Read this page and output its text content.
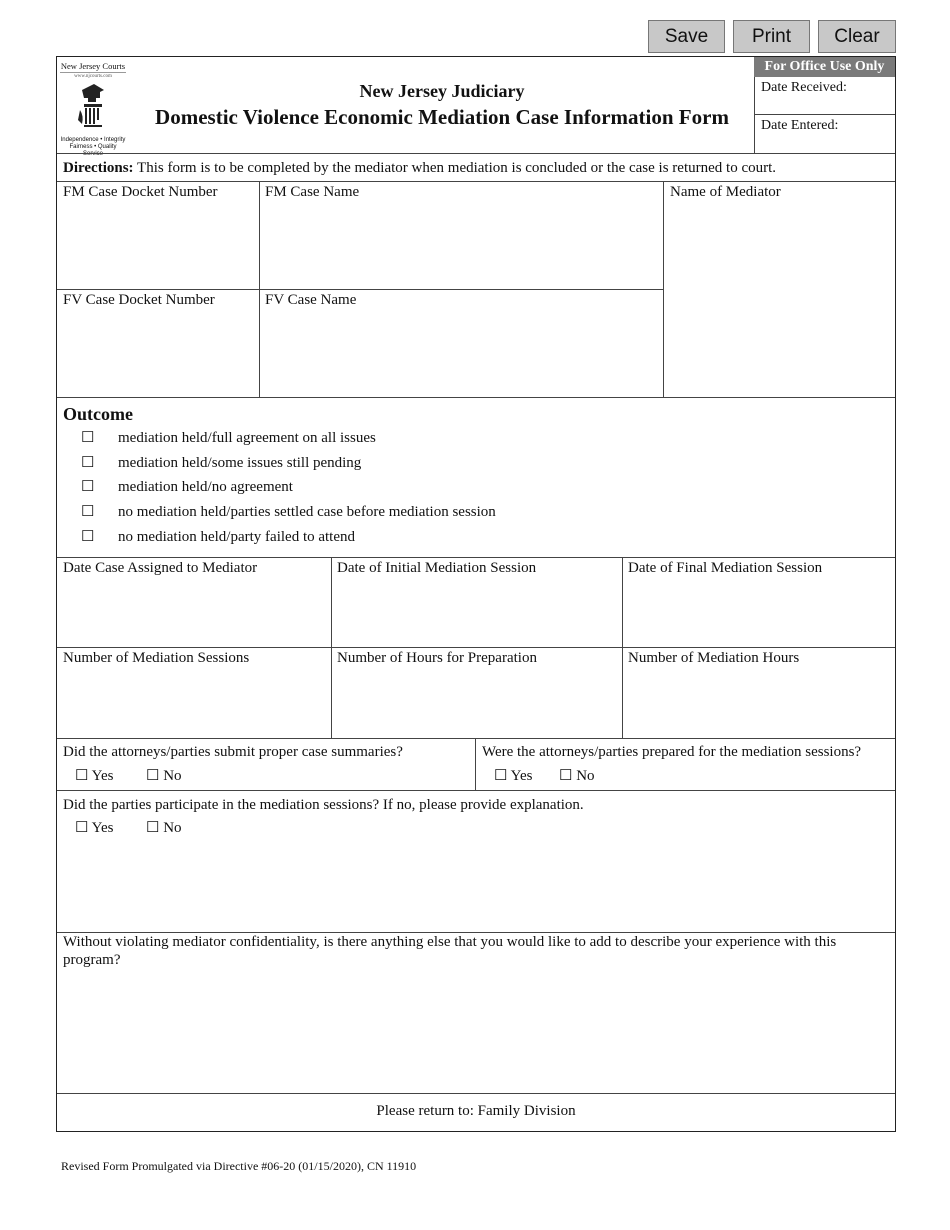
Save	Print	Clear
New Jersey Courts
www.njcourts.com
Independence • Integrity
Fairness • Quality Service
New Jersey Judiciary
Domestic Violence Economic Mediation Case Information Form
For Office Use Only
Date Received:
Date Entered:
Directions: This form is to be completed by the mediator when mediation is concluded or the case is returned to court.
FM Case Docket Number	FM Case Name	Name of Mediator
FV Case Docket Number	FV Case Name
Outcome
☐ mediation held/full agreement on all issues
☐ mediation held/some issues still pending
☐ mediation held/no agreement
☐ no mediation held/parties settled case before mediation session
☐ no mediation held/party failed to attend
Date Case Assigned to Mediator	Date of Initial Mediation Session	Date of Final Mediation Session
Number of Mediation Sessions	Number of Hours for Preparation	Number of Mediation Hours
Did the attorneys/parties submit proper case summaries?
☐ Yes ☐ No
Were the attorneys/parties prepared for the mediation sessions?
☐ Yes ☐ No
Did the parties participate in the mediation sessions? If no, please provide explanation.
☐ Yes ☐ No
Without violating mediator confidentiality, is there anything else that you would like to add to describe your experience with this program?
Please return to: Family Division
Revised Form Promulgated via Directive #06-20 (01/15/2020), CN 11910
